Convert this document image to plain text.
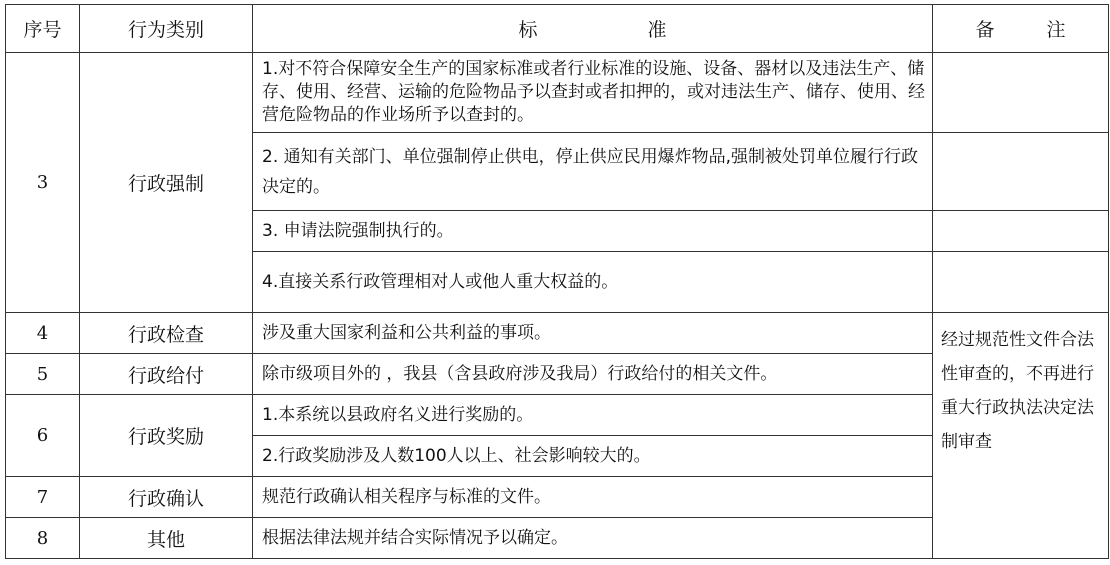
序号	行为类别	标 准	备 注
3	行政强制	1.对不符合保障安全生产的国家标准或者行业标准的设施、设备、器材以及违法生产、储存、使用、经营、运输的危险物品予以查封或者扣押的，或对违法生产、储存、使用、经营危险物品的作业场所予以查封的。	
		2. 通知有关部门、单位强制停止供电，停止供应民用爆炸物品,强制被处罚单位履行行政决定的。	
		3. 申请法院强制执行的。	
		4.直接关系行政管理相对人或他人重大权益的。	
4	行政检查	涉及重大国家利益和公共利益的事项。	经过规范性文件合法性审查的，不再进行重大行政执法决定法制审查

5	行政给付	除市级项目外的 ，我县（含县政府涉及我局）行政给付的相关文件。	
6	行政奖励	1.本系统以县政府名义进行奖励的。	
		2.行政奖励涉及人数100人以上、社会影响较大的。	
7	行政确认	规范行政确认相关程序与标准的文件。	
8	其他	根据法律法规并结合实际情况予以确定。	
